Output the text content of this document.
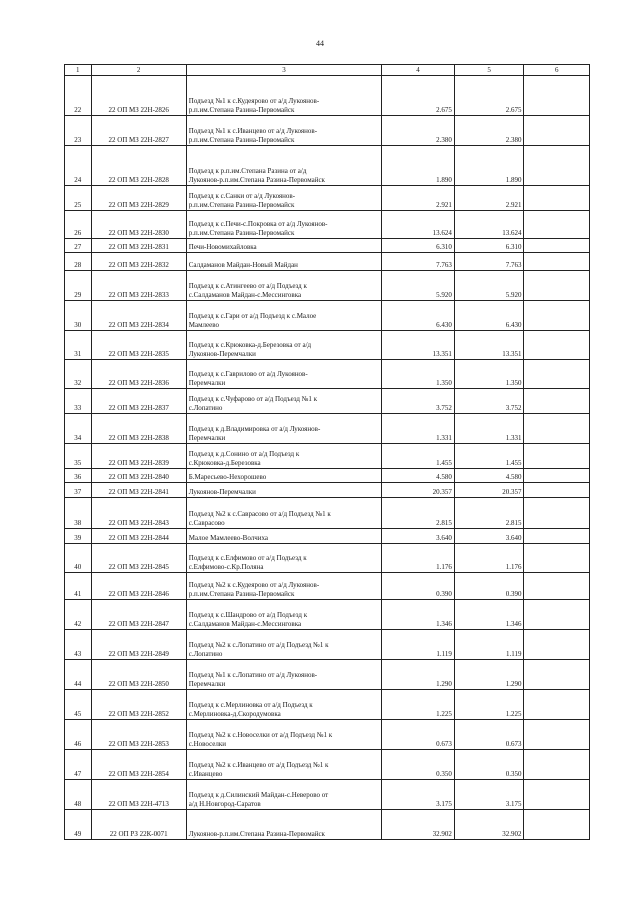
44
1	2	3	4	5	6
22	22 ОП МЗ 22Н-2826	Подъезд №1 к с.Кудеярово от а/д Лукоянов-
р.п.им.Степана Разина-Первомайск	2.675	2.675	
23	22 ОП МЗ 22Н-2827	Подъезд №1 к с.Иванцево от а/д Лукоянов-
р.п.им.Степана Разина-Первомайск	2.380	2.380	
24	22 ОП МЗ 22Н-2828	Подъезд к р.п.им.Степана Разина от а/д
Лукоянов-р.п.им.Степана Разина-Первомайск	1.890	1.890	
25	22 ОП МЗ 22Н-2829	Подъезд к с.Санки от а/д Лукоянов-
р.п.им.Степана Разина-Первомайск	2.921	2.921	
26	22 ОП МЗ 22Н-2830	Подъезд к с.Печи-с.Покровка от а/д Лукоянов-
р.п.им.Степана Разина-Первомайск	13.624	13.624	
27	22 ОП МЗ 22Н-2831	Печи-Новомихайловка	6.310	6.310	
28	22 ОП МЗ 22Н-2832	Салдаманов Майдан-Новый Майдан	7.763	7.763	
29	22 ОП МЗ 22Н-2833	Подъезд к с.Атингеево от а/д Подъезд к
с.Салдаманов Майдан-с.Мессинговка	5.920	5.920	
30	22 ОП МЗ 22Н-2834	Подъезд к с.Гари от а/д Подъезд к с.Малое
Мамлеево	6.430	6.430	
31	22 ОП МЗ 22Н-2835	Подъезд к с.Крюковка-д.Березовка от а/д
Лукоянов-Перемчалки	13.351	13.351	
32	22 ОП МЗ 22Н-2836	Подъезд к с.Гавриловo от а/д Лукоянов-
Перемчалки	1.350	1.350	
33	22 ОП МЗ 22Н-2837	Подъезд к с.Чуфарово от а/д Подъезд №1 к
с.Лопатино	3.752	3.752	
34	22 ОП МЗ 22Н-2838	Подъезд к д.Владимировка от а/д Лукоянов-
Перемчалки	1.331	1.331	
35	22 ОП МЗ 22Н-2839	Подъезд к д.Сонино от а/д Подъезд к
с.Крюковка-д.Березовка	1.455	1.455	
36	22 ОП МЗ 22Н-2840	Б.Маресьево-Нехорошево	4.580	4.580	
37	22 ОП МЗ 22Н-2841	Лукоянов-Перемчалки	20.357	20.357	
38	22 ОП МЗ 22Н-2843	Подъезд №2 к с.Саврасово от а/д Подъезд №1 к
с.Саврасово	2.815	2.815	
39	22 ОП МЗ 22Н-2844	Малое Мамлеево-Волчиха	3.640	3.640	
40	22 ОП МЗ 22Н-2845	Подъезд к с.Елфимово от а/д Подъезд к
с.Елфимово-с.Кр.Поляна	1.176	1.176	
41	22 ОП МЗ 22Н-2846	Подъезд №2 к с.Кудеярово от а/д Лукоянов-
р.п.им.Степана Разина-Первомайск	0.390	0.390	
42	22 ОП МЗ 22Н-2847	Подъезд к с.Шандрово от а/д Подъезд к
с.Салдаманов Майдан-с.Мессинговка	1.346	1.346	
43	22 ОП МЗ 22Н-2849	Подъезд №2 к с.Лопатино от а/д Подъезд №1 к
с.Лопатино	1.119	1.119	
44	22 ОП МЗ 22Н-2850	Подъезд №1 к с.Лопатино от а/д Лукоянов-
Перемчалки	1.290	1.290	
45	22 ОП МЗ 22Н-2852	Подъезд к с.Мерлиновка от а/д Подъезд к
с.Мерлиновка-д.Скородумовка	1.225	1.225	
46	22 ОП МЗ 22Н-2853	Подъезд №2 к с.Новоселки от а/д Подъезд №1 к
с.Новоселки	0.673	0.673	
47	22 ОП МЗ 22Н-2854	Подъезд №2 к с.Иванцево от а/д Подъезд №1 к
с.Иванцево	0.350	0.350	
48	22 ОП МЗ 22Н-4713	Подъезд к д.Силинский Майдан-с.Неверово от
а/д Н.Новгород-Саратов	3.175	3.175	
49	22 ОП РЗ 22К-0071	Лукоянов-р.п.им.Степана Разина-Первомайск	32.902	32.902	
